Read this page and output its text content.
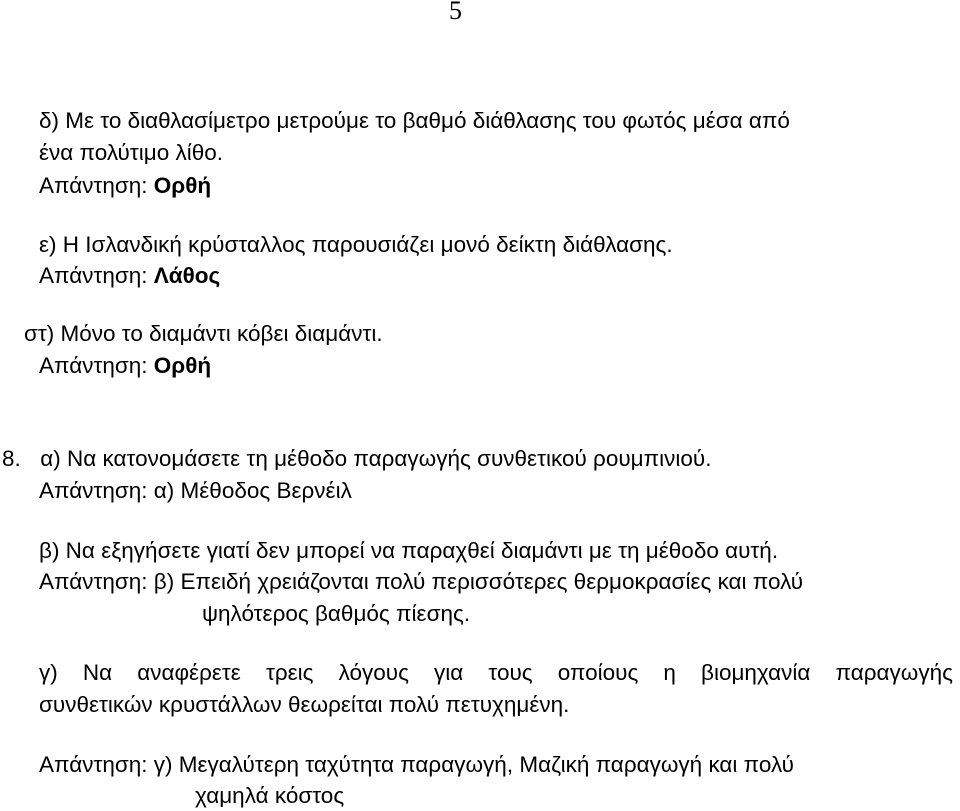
5
δ) Με το διαθλασίμετρο μετρούμε το βαθμό διάθλασης του φωτός μέσα από
ένα πολύτιμο λίθο.
Απάντηση: Ορθή
ε) Η Ισλανδική κρύσταλλος παρουσιάζει μονό δείκτη διάθλασης.
Απάντηση: Λάθος
στ) Μόνο το διαμάντι κόβει διαμάντι.
Απάντηση: Ορθή
8. α) Να κατονομάσετε τη μέθοδο παραγωγής συνθετικού ρουμπινιού.
Απάντηση: α) Μέθοδος Βερνέιλ
β) Να εξηγήσετε γιατί δεν μπορεί να παραχθεί διαμάντι με τη μέθοδο αυτή.
Απάντηση: β) Επειδή χρειάζονται πολύ περισσότερες θερμοκρασίες και πολύ
ψηλότερος βαθμός πίεσης.
γ) Να αναφέρετε τρεις λόγους για τους οποίους η βιομηχανία παραγωγής
συνθετικών κρυστάλλων θεωρείται πολύ πετυχημένη.
Απάντηση: γ) Μεγαλύτερη ταχύτητα παραγωγή, Μαζική παραγωγή και πολύ
χαμηλά κόστος
